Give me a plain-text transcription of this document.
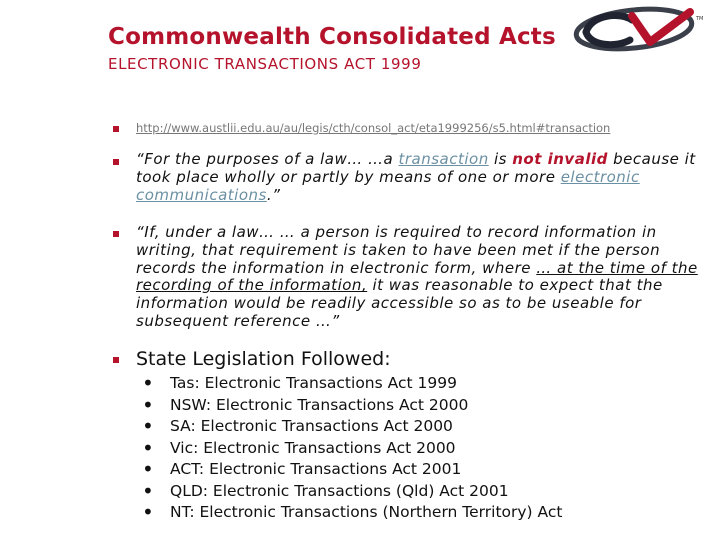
Commonwealth Consolidated Acts
ELECTRONIC TRANSACTIONS ACT 1999
TM
http://www.austlii.edu.au/au/legis/cth/consol_act/eta1999256/s5.html#transaction
“For the purposes of a law… …a transaction is not invalid because it took place wholly or partly by means of one or more electronic communications.”
“If, under a law… … a person is required to record information in writing, that requirement is taken to have been met if the person records the information in electronic form, where … at the time of the recording of the information, it was reasonable to expect that the information would be readily accessible so as to be useable for subsequent reference …”
State Legislation Followed:
• Tas: Electronic Transactions Act 1999
• NSW: Electronic Transactions Act 2000
• SA: Electronic Transactions Act 2000
• Vic: Electronic Transactions Act 2000
• ACT: Electronic Transactions Act 2001
• QLD: Electronic Transactions (Qld) Act 2001
• NT: Electronic Transactions (Northern Territory) Act
